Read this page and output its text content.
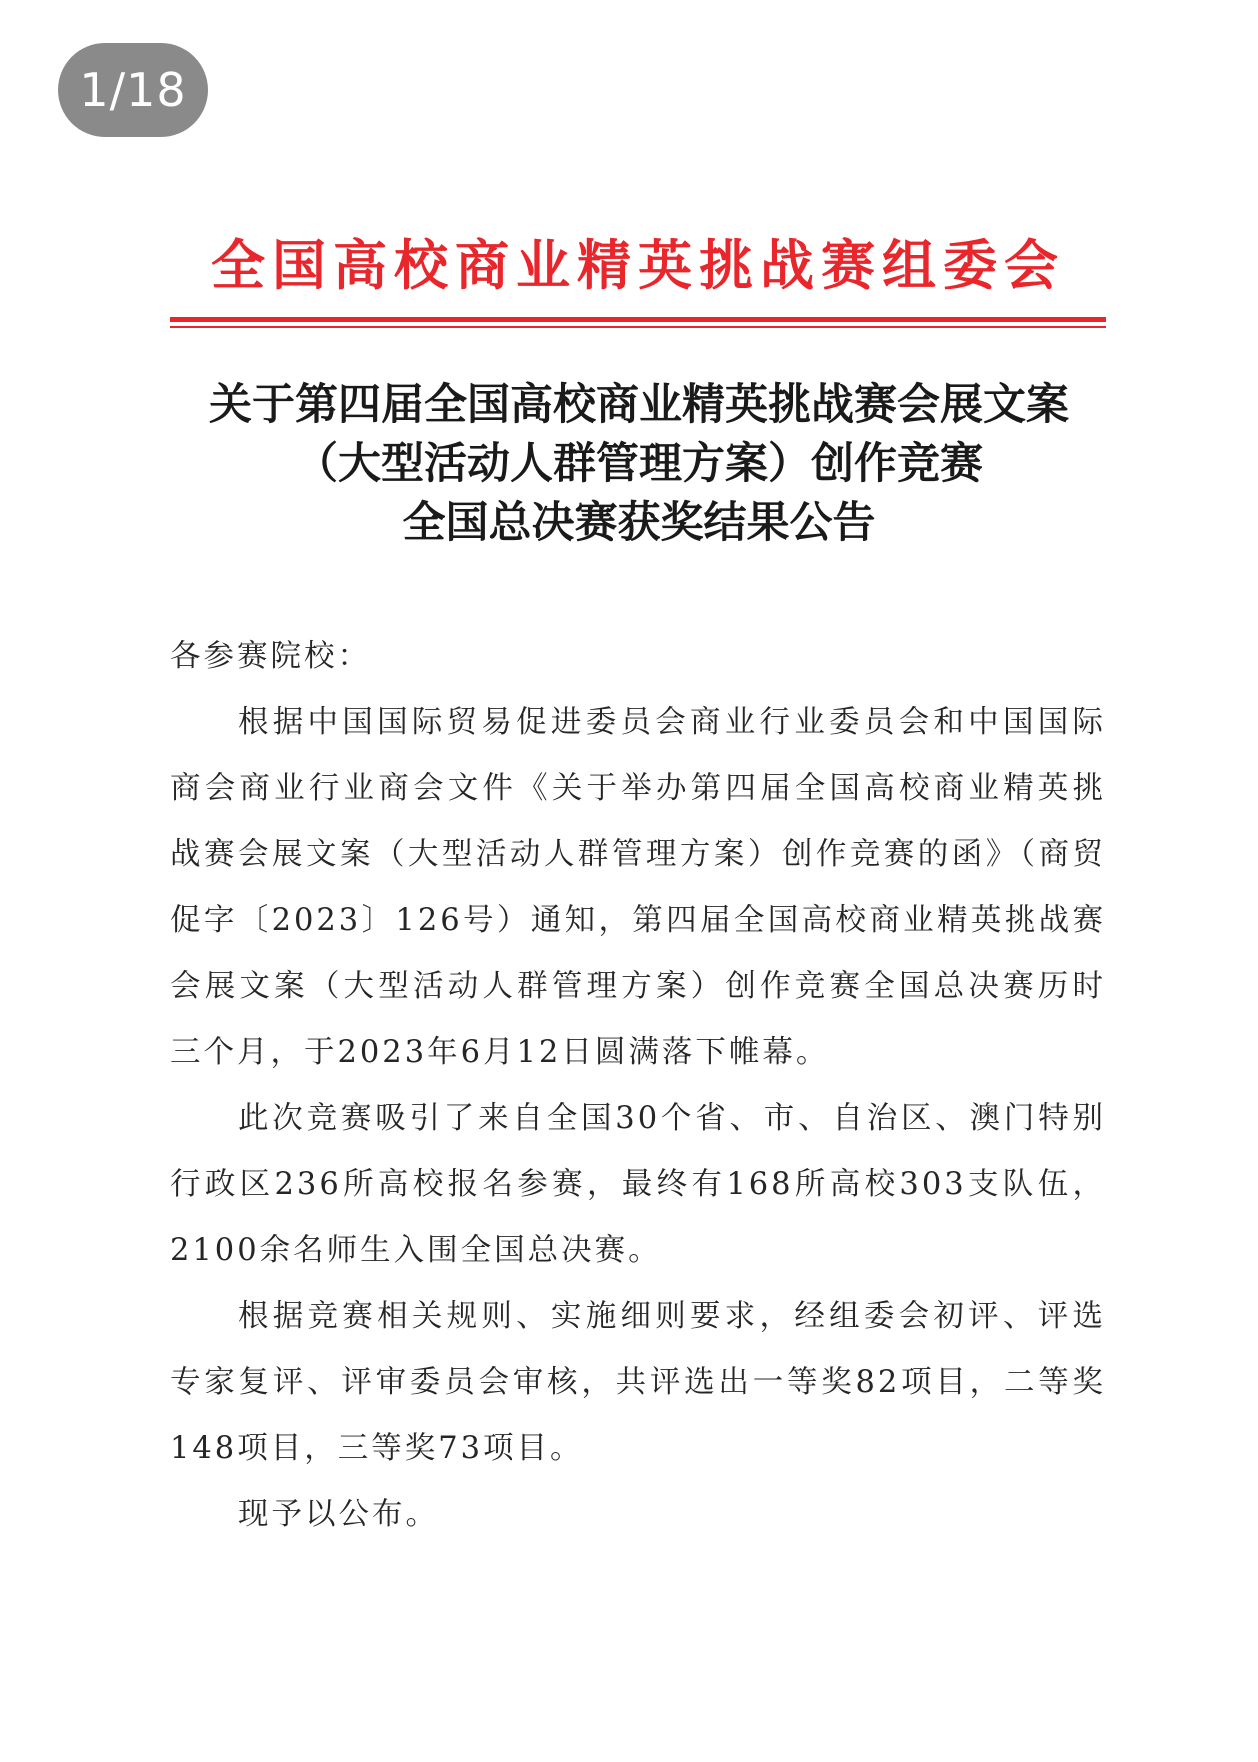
1/18
全国高校商业精英挑战赛组委会
关于第四届全国高校商业精英挑战赛会展文案
（大型活动人群管理方案）创作竞赛
全国总决赛获奖结果公告

各参赛院校：

根据中国国际贸易促进委员会商业行业委员会和中国国际商会商业行业商会文件《关于举办第四届全国高校商业精英挑战赛会展文案（大型活动人群管理方案）创作竞赛的函》（商贸促字〔2023〕126号）通知，第四届全国高校商业精英挑战赛会展文案（大型活动人群管理方案）创作竞赛全国总决赛历时三个月，于2023年6月12日圆满落下帷幕。

此次竞赛吸引了来自全国30个省、市、自治区、澳门特别行政区236所高校报名参赛，最终有168所高校303支队伍，2100余名师生入围全国总决赛。

根据竞赛相关规则、实施细则要求，经组委会初评、评选专家复评、评审委员会审核，共评选出一等奖82项目，二等奖148项目，三等奖73项目。

现予以公布。
